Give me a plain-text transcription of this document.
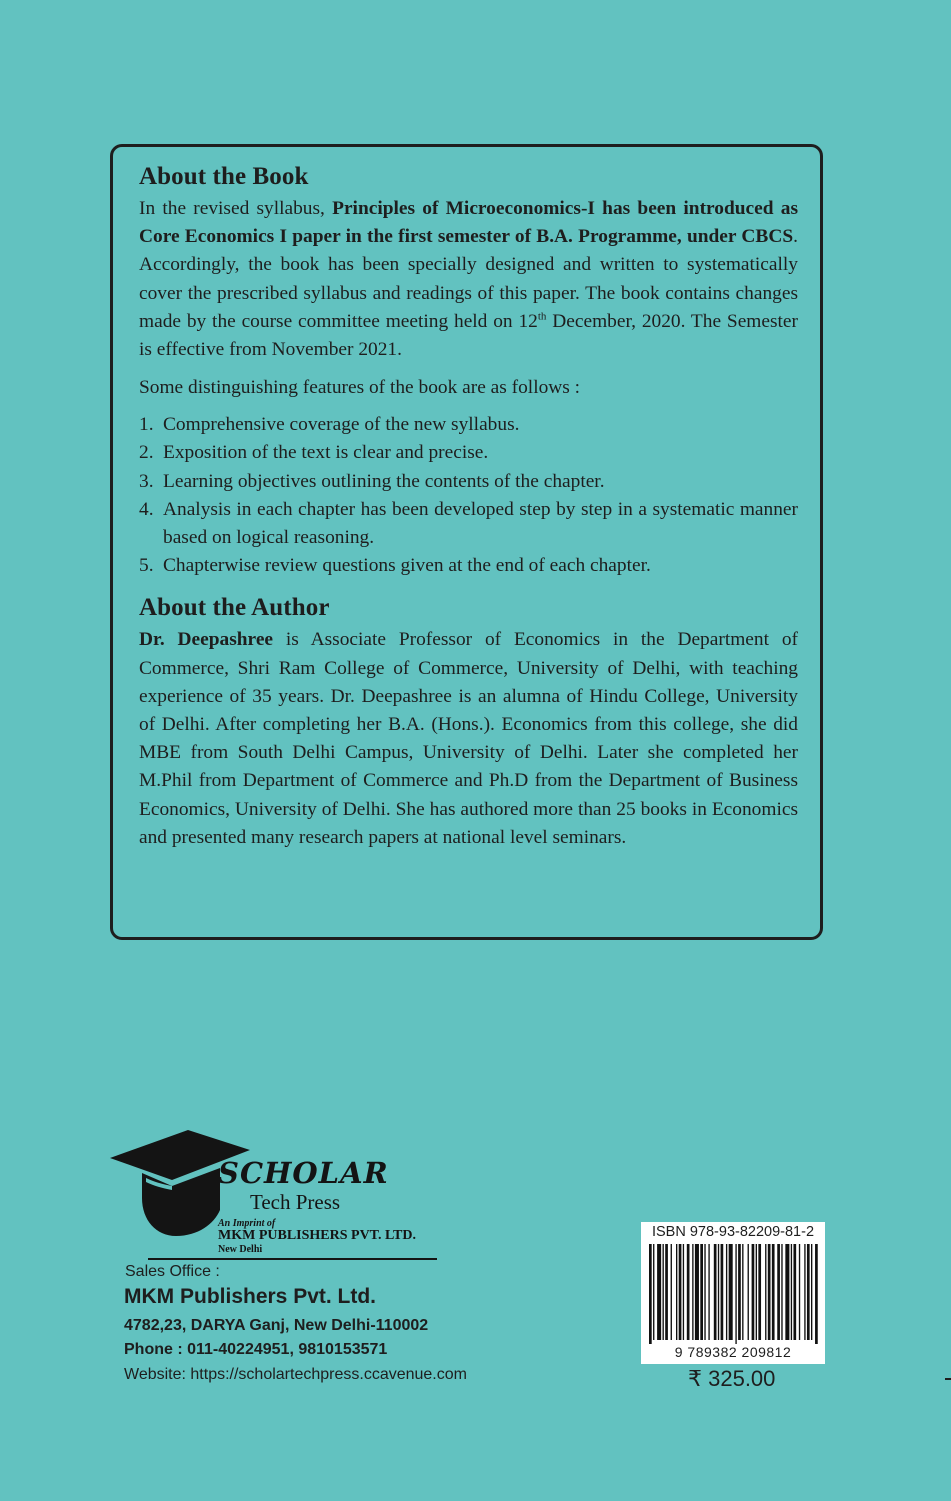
About the Book

In the revised syllabus, Principles of Microeconomics-I has been introduced as Core Economics I paper in the first semester of B.A. Programme, under CBCS. Accordingly, the book has been specially designed and written to systematically cover the prescribed syllabus and readings of this paper. The book contains changes made by the course committee meeting held on 12th December, 2020. The Semester is effective from November 2021.

Some distinguishing features of the book are as follows :
1. Comprehensive coverage of the new syllabus.
2. Exposition of the text is clear and precise.
3. Learning objectives outlining the contents of the chapter.
4. Analysis in each chapter has been developed step by step in a systematic manner based on logical reasoning.
5. Chapterwise review questions given at the end of each chapter.
About the Author

Dr. Deepashree is Associate Professor of Economics in the Department of Commerce, Shri Ram College of Commerce, University of Delhi, with teaching experience of 35 years. Dr. Deepashree is an alumna of Hindu College, University of Delhi. After completing her B.A. (Hons.). Economics from this college, she did MBE from South Delhi Campus, University of Delhi. Later she completed her M.Phil from Department of Commerce and Ph.D from the Department of Business Economics, University of Delhi. She has authored more than 25 books in Economics and presented many research papers at national level seminars.

SCHOLAR
Tech Press
An Imprint of
MKM PUBLISHERS PVT. LTD.
New Delhi
Sales Office :
MKM Publishers Pvt. Ltd.
4782,23, DARYA Ganj, New Delhi-110002
Phone : 011-40224951, 9810153571
Website: https://scholartechpress.ccavenue.com
ISBN 978-93-82209-81-2
9 789382 209812
₹ 325.00
